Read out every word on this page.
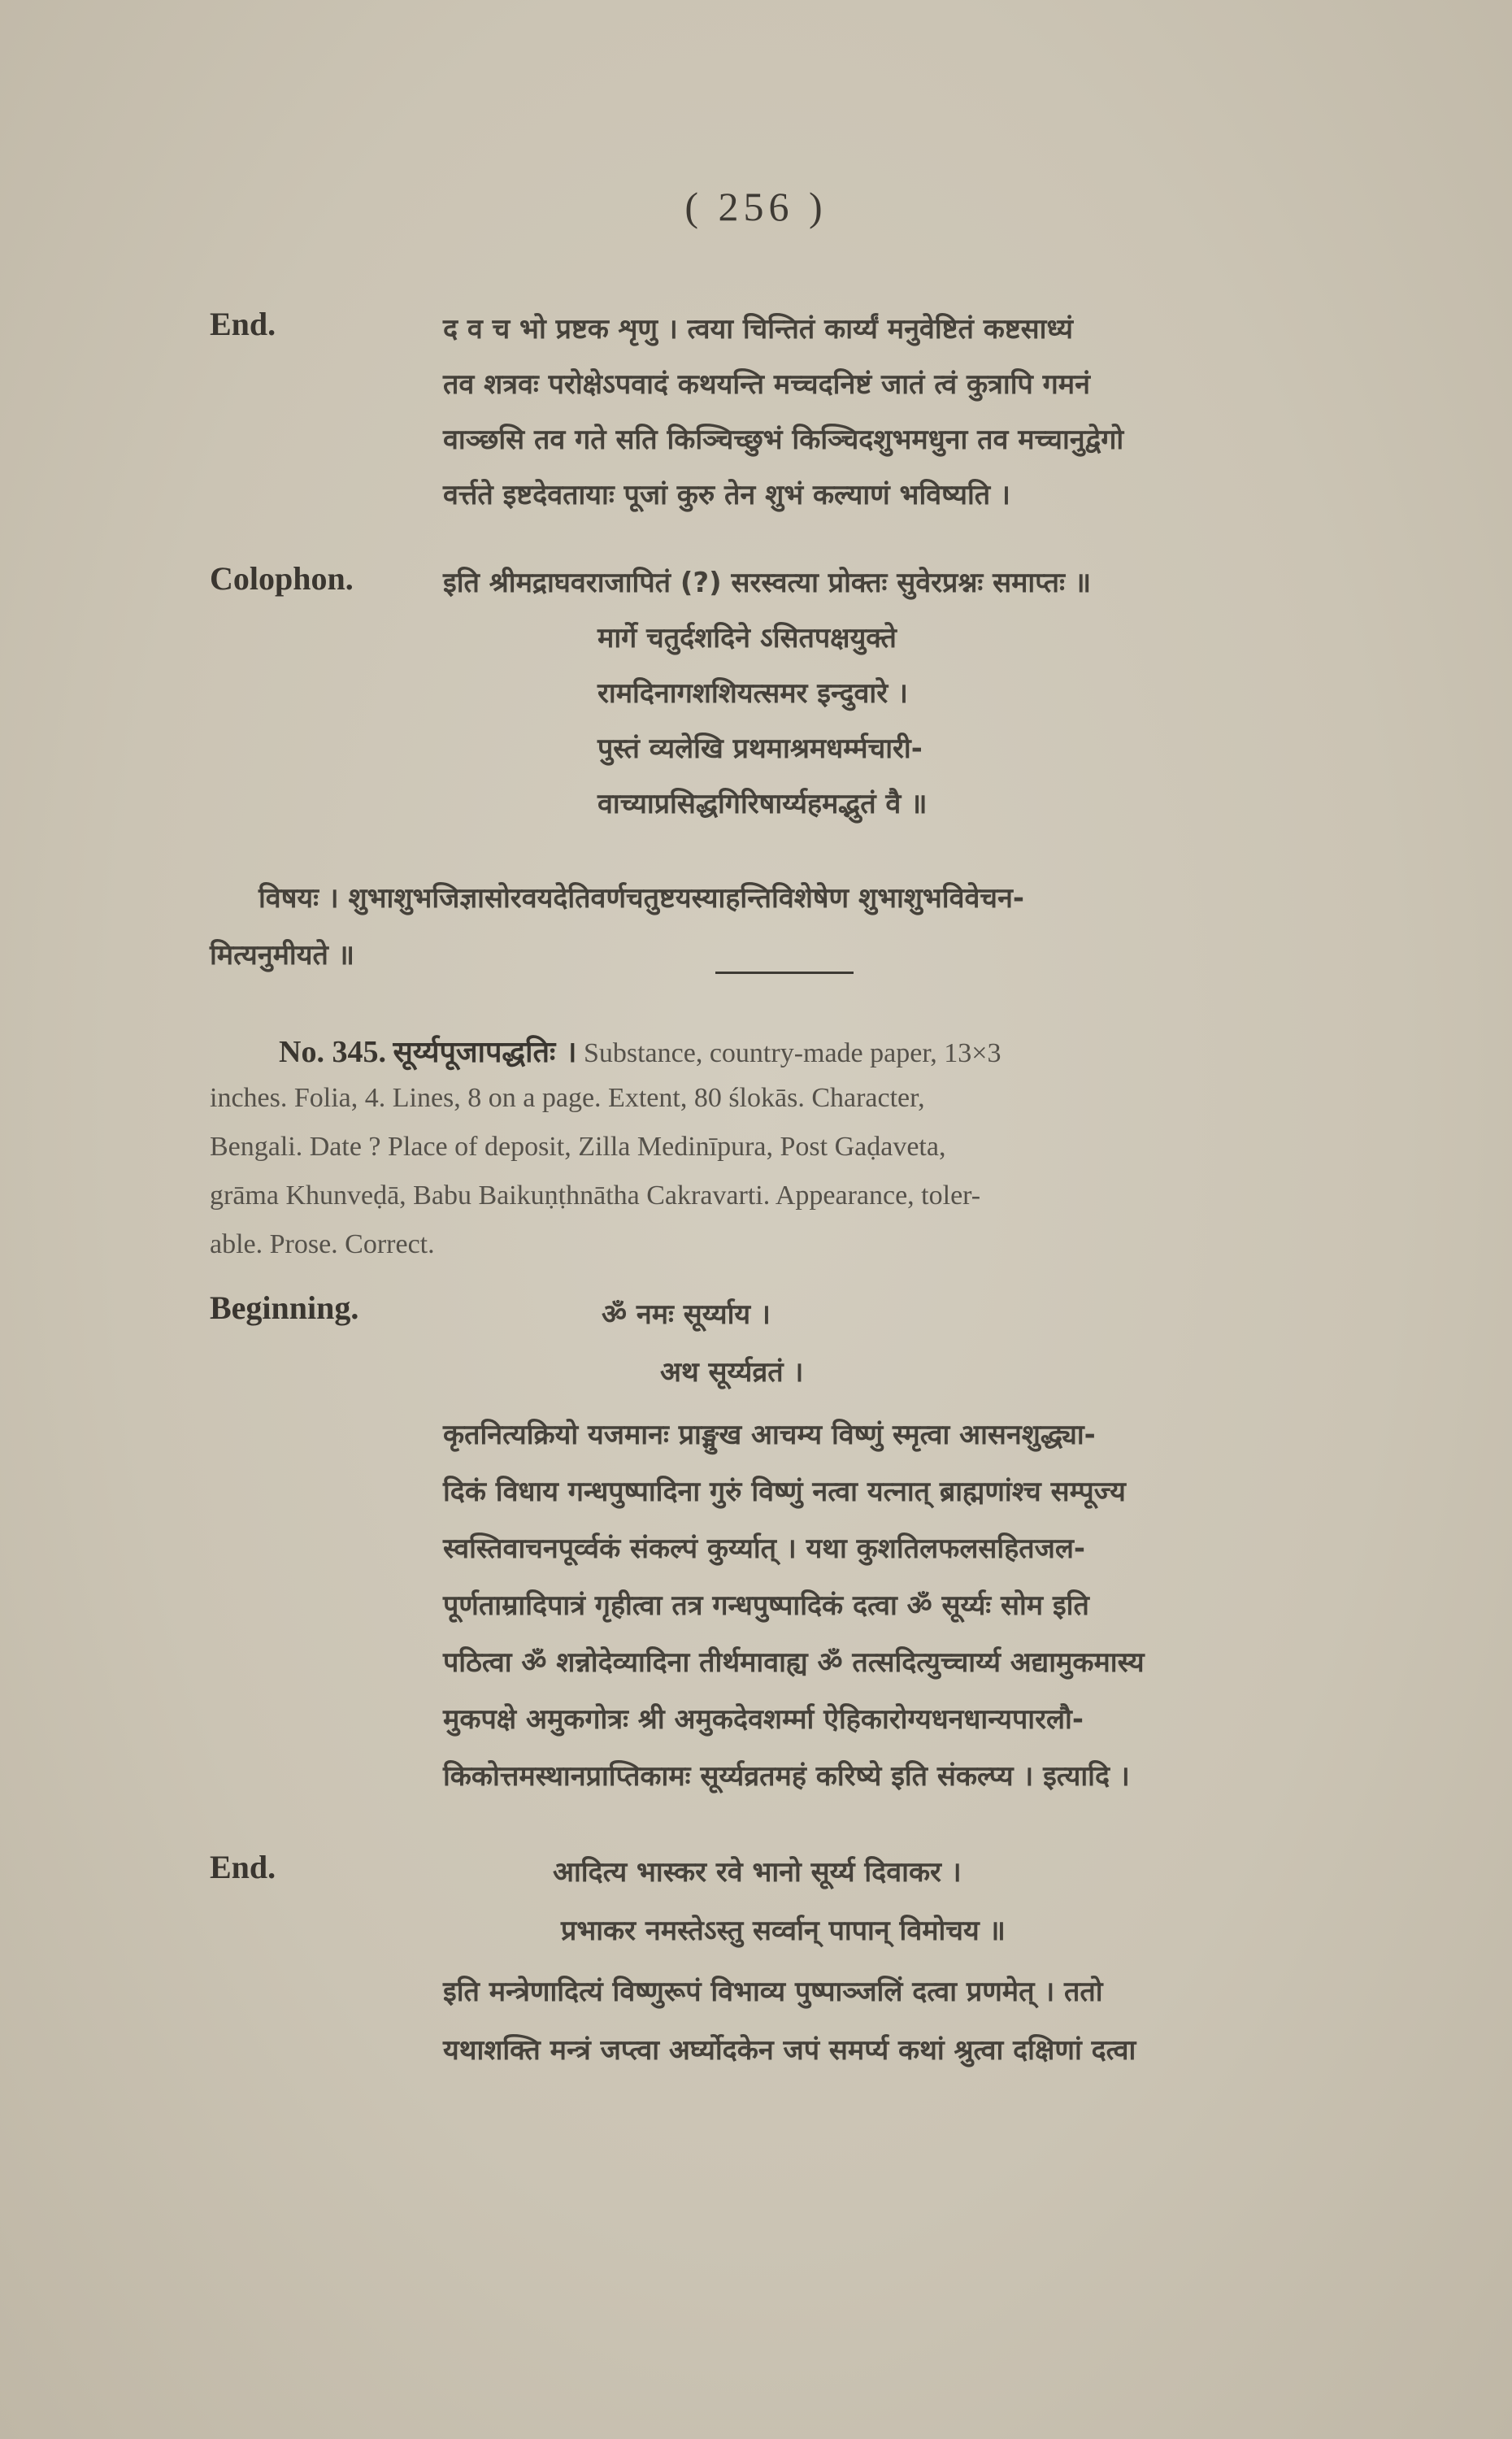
( 256 )
End.	द व च भो प्रष्टक शृणु । त्वया चिन्तितं कार्य्यं मनुवेष्टितं कष्टसाध्यं
तव शत्रवः परोक्षेऽपवादं कथयन्ति मच्चदनिष्टं जातं त्वं कुत्रापि गमनं
वाञ्छसि तव गते सति किञ्चिच्छुभं किञ्चिदशुभमधुना तव मच्चानुद्वेगो
वर्त्तते इष्टदेवतायाः पूजां कुरु तेन शुभं कल्याणं भविष्यति ।
Colophon.	इति श्रीमद्राघवराजापितं (?) सरस्वत्या प्रोक्तः सुवेरप्रश्नः समाप्तः ॥
मार्गे चतुर्दशदिने ऽसितपक्षयुक्ते
रामदिनागशशियत्समर इन्दुवारे ।
पुस्तं व्यलेखि प्रथमाश्रमधर्म्मचारी-
वाच्याप्रसिद्धगिरिषार्य्यहमद्भुतं वै ॥
विषयः । शुभाशुभजिज्ञासोरवयदेतिवर्णचतुष्टयस्याहन्तिविशेषेण शुभाशुभविवेचन-
मित्यनुमीयते ॥
No. 345. सूर्य्यपूजापद्धतिः । Substance, country-made paper, 13×3
inches. Folia, 4. Lines, 8 on a page. Extent, 80 ślokās. Character,
Bengali. Date ? Place of deposit, Zilla Medinīpura, Post Gaḍaveta,
grāma Khunveḍā, Babu Baikuṇṭhnātha Cakravarti. Appearance, toler-
able. Prose. Correct.
Beginning.	ॐ नमः सूर्य्याय ।
अथ सूर्य्यव्रतं ।
कृतनित्यक्रियो यजमानः प्राङ्मुख आचम्य विष्णुं स्मृत्वा आसनशुद्ध्या-
दिकं विधाय गन्धपुष्पादिना गुरुं विष्णुं नत्वा यत्नात् ब्राह्मणांश्च सम्पूज्य
स्वस्तिवाचनपूर्व्वकं संकल्पं कुर्य्यात् । यथा कुशतिलफलसहितजल-
पूर्णताम्रादिपात्रं गृहीत्वा तत्र गन्धपुष्पादिकं दत्वा ॐ सूर्य्यः सोम इति
पठित्वा ॐ शन्नोदेव्यादिना तीर्थमावाह्य ॐ तत्सदित्युच्चार्य्य अद्यामुकमास्य
मुकपक्षे अमुकगोत्रः श्री अमुकदेवशर्म्मा ऐहिकारोग्यधनधान्यपारलौ-
किकोत्तमस्थानप्राप्तिकामः सूर्य्यव्रतमहं करिष्ये इति संकल्प्य । इत्यादि ।
End.	आदित्य भास्कर रवे भानो सूर्य्य दिवाकर ।
प्रभाकर नमस्तेऽस्तु सर्व्वान् पापान् विमोचय ॥
इति मन्त्रेणादित्यं विष्णुरूपं विभाव्य पुष्पाञ्जलिं दत्वा प्रणमेत् । ततो
यथाशक्ति मन्त्रं जप्त्वा अर्घ्योदकेन जपं समर्प्य कथां श्रुत्वा दक्षिणां दत्वा
